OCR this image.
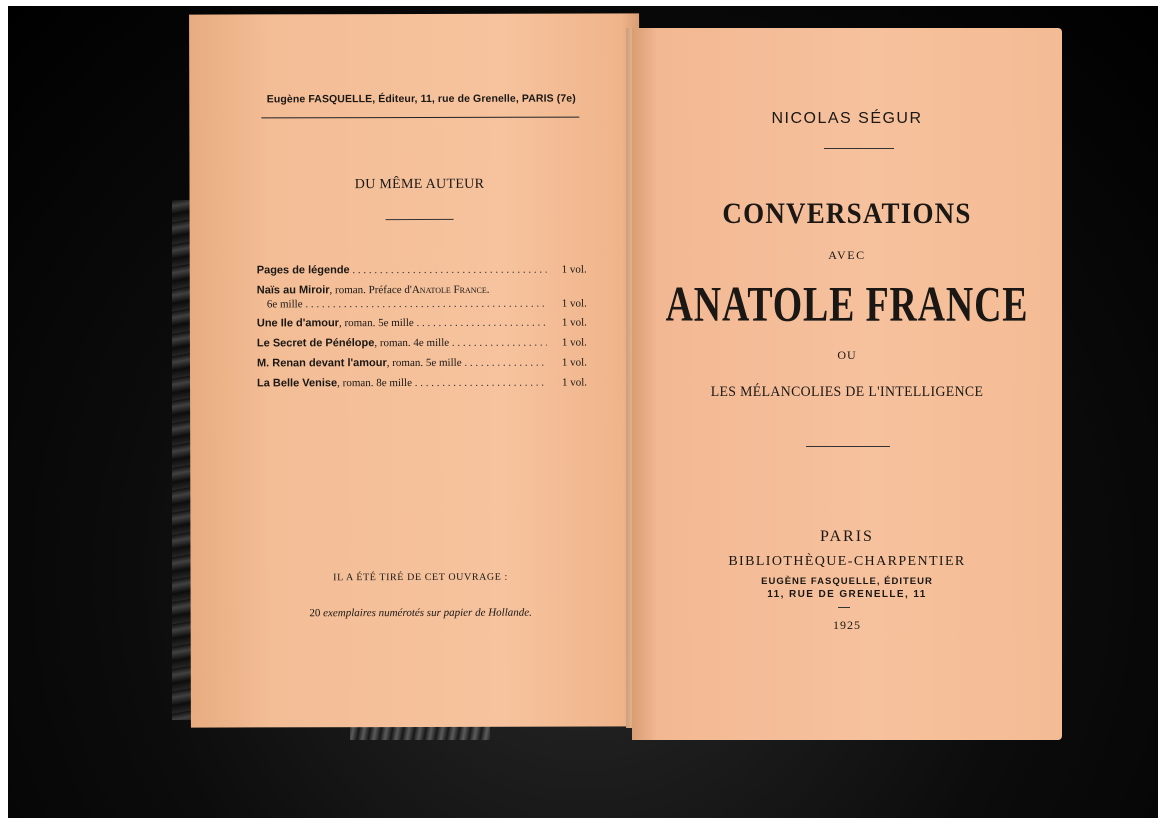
Eugène FASQUELLE, Éditeur, 11, rue de Grenelle, PARIS (7e)
DU MÊME AUTEUR
Pages de légende . . .	1 vol.
Naïs au Miroir, roman. Préface d'Anatole France.
6e mille . . .	1 vol.
Une Ile d'amour, roman. 5e mille . . .	1 vol.
Le Secret de Pénélope, roman. 4e mille . . .	1 vol.
M. Renan devant l'amour, roman. 5e mille . . .	1 vol.
La Belle Venise, roman. 8e mille . . .	1 vol.
IL A ÉTÉ TIRÉ DE CET OUVRAGE :
20 exemplaires numérotés sur papier de Hollande.
NICOLAS SÉGUR
CONVERSATIONS
AVEC
ANATOLE FRANCE
OU
LES MÉLANCOLIES DE L'INTELLIGENCE
PARIS
BIBLIOTHÈQUE-CHARPENTIER
EUGÈNE FASQUELLE, ÉDITEUR
11, RUE DE GRENELLE, 11
1925
